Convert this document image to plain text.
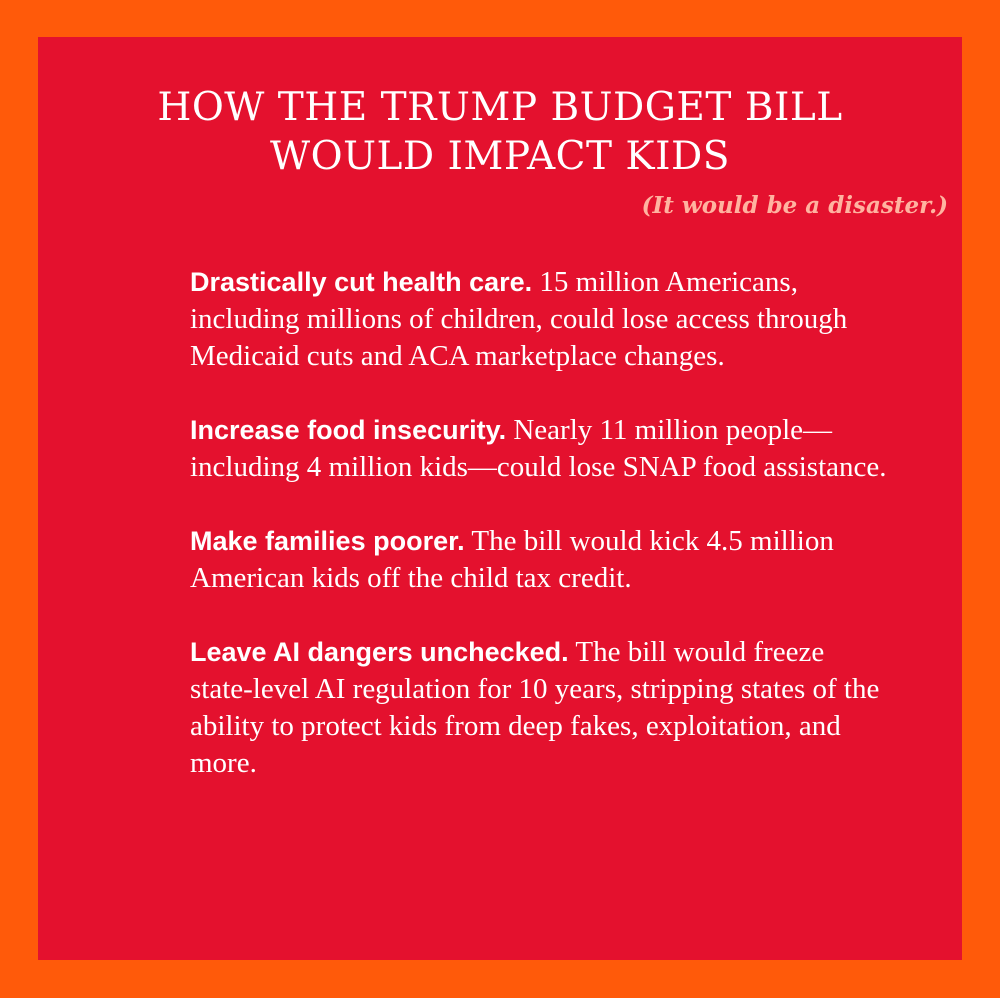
HOW THE TRUMP BUDGET BILL
WOULD IMPACT KIDS
(It would be a disaster.)

Drastically cut health care. 15 million Americans, including millions of children, could lose access through Medicaid cuts and ACA marketplace changes.

Increase food insecurity. Nearly 11 million people—including 4 million kids—could lose SNAP food assistance.

Make families poorer. The bill would kick 4.5 million American kids off the child tax credit.

Leave AI dangers unchecked. The bill would freeze state-level AI regulation for 10 years, stripping states of the ability to protect kids from deep fakes, exploitation, and more.
